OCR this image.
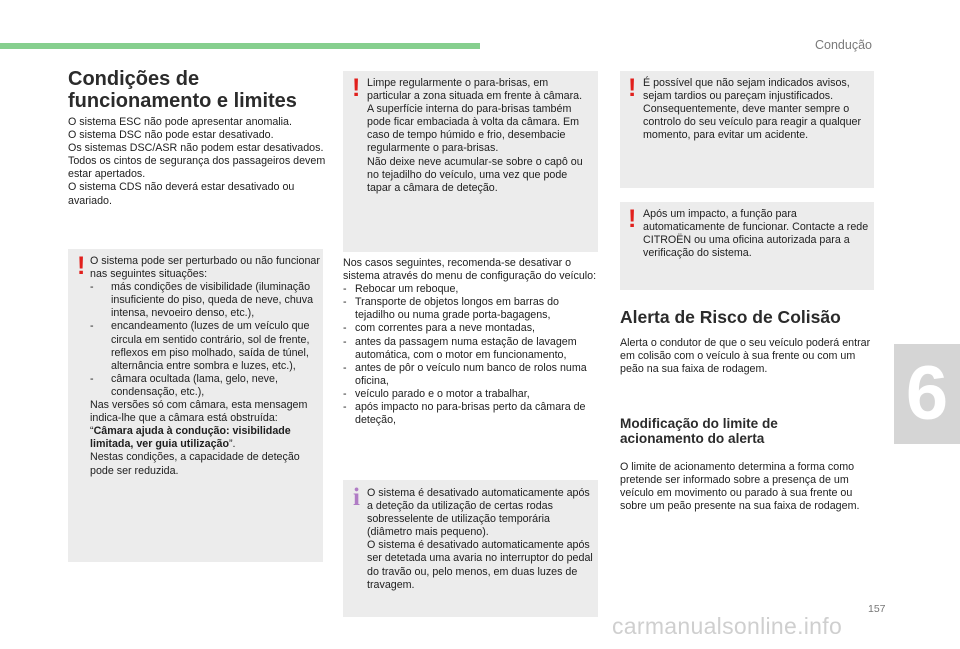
Condução
6
Condições de
funcionamento e limites
O sistema ESC não pode apresentar anomalia.
O sistema DSC não pode estar desativado.
Os sistemas DSC/ASR não podem estar desativados.
Todos os cintos de segurança dos passageiros devem estar apertados.
O sistema CDS não deverá estar desativado ou avariado.
! O sistema pode ser perturbado ou não funcionar nas seguintes situações:
- más condições de visibilidade (iluminação insuficiente do piso, queda de neve, chuva intensa, nevoeiro denso, etc.),
- encandeamento (luzes de um veículo que circula em sentido contrário, sol de frente, reflexos em piso molhado, saída de túnel, alternância entre sombra e luzes, etc.),
- câmara ocultada (lama, gelo, neve, condensação, etc.),
Nas versões só com câmara, esta mensagem indica-lhe que a câmara está obstruída: “Câmara ajuda à condução: visibilidade limitada, ver guia utilização”.
Nestas condições, a capacidade de deteção pode ser reduzida.
! Limpe regularmente o para-brisas, em particular a zona situada em frente à câmara.
A superfície interna do para-brisas também pode ficar embaciada à volta da câmara. Em caso de tempo húmido e frio, desembacie regularmente o para-brisas.
Não deixe neve acumular-se sobre o capô ou no tejadilho do veículo, uma vez que pode tapar a câmara de deteção.
Nos casos seguintes, recomenda-se desativar o sistema através do menu de configuração do veículo:
- Rebocar um reboque,
- Transporte de objetos longos em barras do tejadilho ou numa grade porta-bagagens,
- com correntes para a neve montadas,
- antes da passagem numa estação de lavagem automática, com o motor em funcionamento,
- antes de pôr o veículo num banco de rolos numa oficina,
- veículo parado e o motor a trabalhar,
- após impacto no para-brisas perto da câmara de deteção,
i O sistema é desativado automaticamente após a deteção da utilização de certas rodas sobresselente de utilização temporária (diâmetro mais pequeno).
O sistema é desativado automaticamente após ser detetada uma avaria no interruptor do pedal do travão ou, pelo menos, em duas luzes de travagem.
! É possível que não sejam indicados avisos, sejam tardios ou pareçam injustificados.
Consequentemente, deve manter sempre o controlo do seu veículo para reagir a qualquer momento, para evitar um acidente.
! Após um impacto, a função para automaticamente de funcionar. Contacte a rede CITROËN ou uma oficina autorizada para a verificação do sistema.
Alerta de Risco de Colisão
Alerta o condutor de que o seu veículo poderá entrar em colisão com o veículo à sua frente ou com um peão na sua faixa de rodagem.
Modificação do limite de
acionamento do alerta
O limite de acionamento determina a forma como pretende ser informado sobre a presença de um veículo em movimento ou parado à sua frente ou sobre um peão presente na sua faixa de rodagem.
157
carmanualsonline.info
